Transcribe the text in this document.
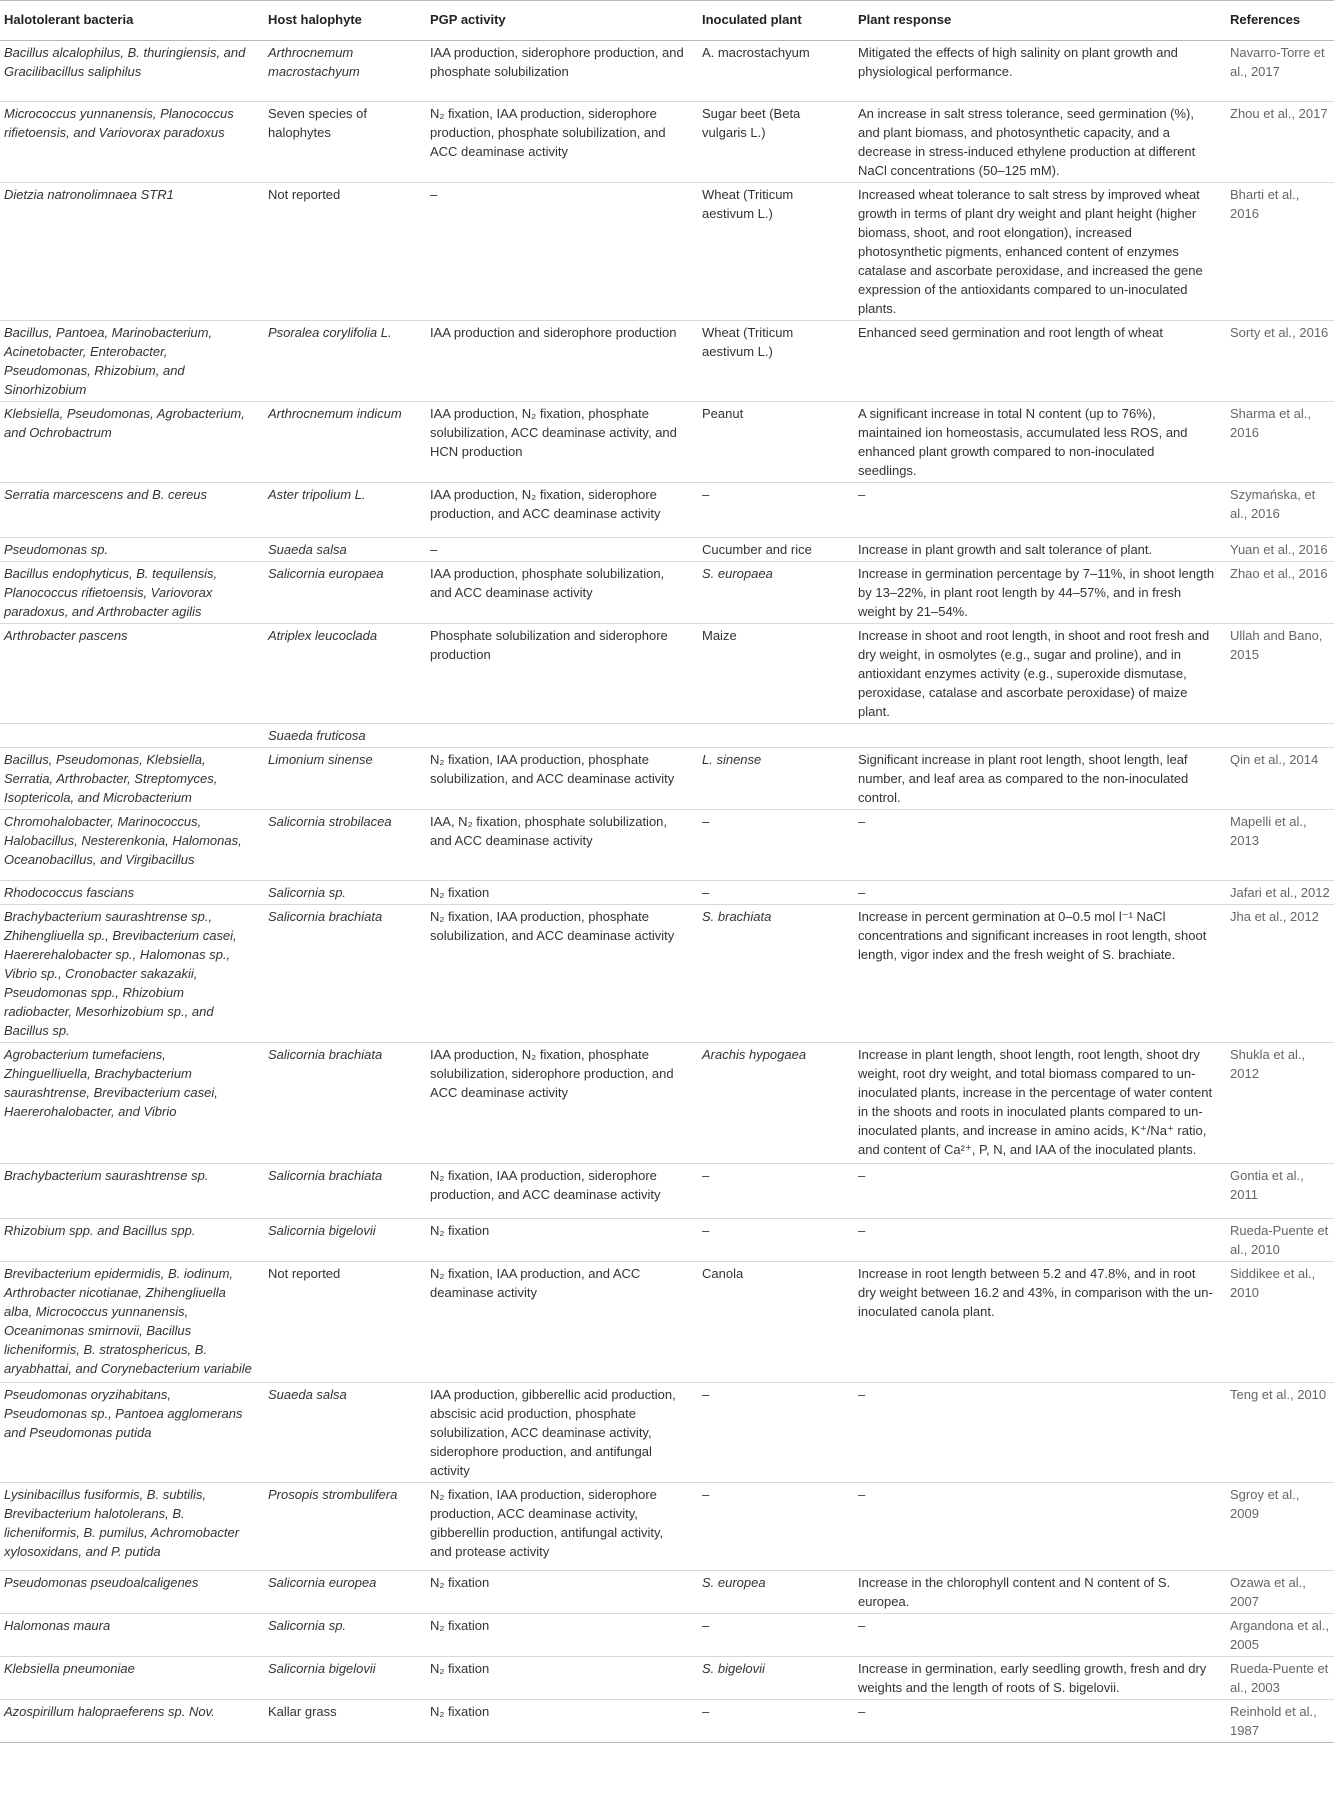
Halotolerant bacteria	Host halophyte	PGP activity	Inoculated plant	Plant response	References
Bacillus alcalophilus, B. thuringiensis, and Gracilibacillus saliphilus	Arthrocnemum macrostachyum	IAA production, siderophore production, and phosphate solubilization	A. macrostachyum	Mitigated the effects of high salinity on plant growth and physiological performance.	Navarro-Torre et al., 2017
Micrococcus yunnanensis, Planococcus rifietoensis, and Variovorax paradoxus	Seven species of halophytes	N₂ fixation, IAA production, siderophore production, phosphate solubilization, and ACC deaminase activity	Sugar beet (Beta vulgaris L.)	An increase in salt stress tolerance, seed germination (%), and plant biomass, and photosynthetic capacity, and a decrease in stress-induced ethylene production at different NaCl concentrations (50–125 mM).	Zhou et al., 2017
Dietzia natronolimnaea STR1	Not reported	–	Wheat (Triticum aestivum L.)	Increased wheat tolerance to salt stress by improved wheat growth in terms of plant dry weight and plant height (higher biomass, shoot, and root elongation), increased photosynthetic pigments, enhanced content of enzymes catalase and ascorbate peroxidase, and increased the gene expression of the antioxidants compared to un-inoculated plants.	Bharti et al., 2016
Bacillus, Pantoea, Marinobacterium, Acinetobacter, Enterobacter, Pseudomonas, Rhizobium, and Sinorhizobium	Psoralea corylifolia L.	IAA production and siderophore production	Wheat (Triticum aestivum L.)	Enhanced seed germination and root length of wheat	Sorty et al., 2016
Klebsiella, Pseudomonas, Agrobacterium, and Ochrobactrum	Arthrocnemum indicum	IAA production, N₂ fixation, phosphate solubilization, ACC deaminase activity, and HCN production	Peanut	A significant increase in total N content (up to 76%), maintained ion homeostasis, accumulated less ROS, and enhanced plant growth compared to non-inoculated seedlings.	Sharma et al., 2016
Serratia marcescens and B. cereus	Aster tripolium L.	IAA production, N₂ fixation, siderophore production, and ACC deaminase activity	–	–	Szymańska, et al., 2016
Pseudomonas sp.	Suaeda salsa	–	Cucumber and rice	Increase in plant growth and salt tolerance of plant.	Yuan et al., 2016
Bacillus endophyticus, B. tequilensis, Planococcus rifietoensis, Variovorax paradoxus, and Arthrobacter agilis	Salicornia europaea	IAA production, phosphate solubilization, and ACC deaminase activity	S. europaea	Increase in germination percentage by 7–11%, in shoot length by 13–22%, in plant root length by 44–57%, and in fresh weight by 21–54%.	Zhao et al., 2016
Arthrobacter pascens	Atriplex leucoclada	Phosphate solubilization and siderophore production	Maize	Increase in shoot and root length, in shoot and root fresh and dry weight, in osmolytes (e.g., sugar and proline), and in antioxidant enzymes activity (e.g., superoxide dismutase, peroxidase, catalase and ascorbate peroxidase) of maize plant.	Ullah and Bano, 2015
	Suaeda fruticosa				
Bacillus, Pseudomonas, Klebsiella, Serratia, Arthrobacter, Streptomyces, Isoptericola, and Microbacterium	Limonium sinense	N₂ fixation, IAA production, phosphate solubilization, and ACC deaminase activity	L. sinense	Significant increase in plant root length, shoot length, leaf number, and leaf area as compared to the non-inoculated control.	Qin et al., 2014
Chromohalobacter, Marinococcus, Halobacillus, Nesterenkonia, Halomonas, Oceanobacillus, and Virgibacillus	Salicornia strobilacea	IAA, N₂ fixation, phosphate solubilization, and ACC deaminase activity	–	–	Mapelli et al., 2013
Rhodococcus fascians	Salicornia sp.	N₂ fixation	–	–	Jafari et al., 2012
Brachybacterium saurashtrense sp., Zhihengliuella sp., Brevibacterium casei, Haererehalobacter sp., Halomonas sp., Vibrio sp., Cronobacter sakazakii, Pseudomonas spp., Rhizobium radiobacter, Mesorhizobium sp., and Bacillus sp.	Salicornia brachiata	N₂ fixation, IAA production, phosphate solubilization, and ACC deaminase activity	S. brachiata	Increase in percent germination at 0–0.5 mol l⁻¹ NaCl concentrations and significant increases in root length, shoot length, vigor index and the fresh weight of S. brachiate.	Jha et al., 2012
Agrobacterium tumefaciens, Zhinguelliuella, Brachybacterium saurashtrense, Brevibacterium casei, Haererohalobacter, and Vibrio	Salicornia brachiata	IAA production, N₂ fixation, phosphate solubilization, siderophore production, and ACC deaminase activity	Arachis hypogaea	Increase in plant length, shoot length, root length, shoot dry weight, root dry weight, and total biomass compared to un-inoculated plants, increase in the percentage of water content in the shoots and roots in inoculated plants compared to un-inoculated plants, and increase in amino acids, K⁺/Na⁺ ratio, and content of Ca²⁺, P, N, and IAA of the inoculated plants.	Shukla et al., 2012
Brachybacterium saurashtrense sp.	Salicornia brachiata	N₂ fixation, IAA production, siderophore production, and ACC deaminase activity	–	–	Gontia et al., 2011
Rhizobium spp. and Bacillus spp.	Salicornia bigelovii	N₂ fixation	–	–	Rueda-Puente et al., 2010
Brevibacterium epidermidis, B. iodinum, Arthrobacter nicotianae, Zhihengliuella alba, Micrococcus yunnanensis, Oceanimonas smirnovii, Bacillus licheniformis, B. stratosphericus, B. aryabhattai, and Corynebacterium variabile	Not reported	N₂ fixation, IAA production, and ACC deaminase activity	Canola	Increase in root length between 5.2 and 47.8%, and in root dry weight between 16.2 and 43%, in comparison with the un-inoculated canola plant.	Siddikee et al., 2010
Pseudomonas oryzihabitans, Pseudomonas sp., Pantoea agglomerans and Pseudomonas putida	Suaeda salsa	IAA production, gibberellic acid production, abscisic acid production, phosphate solubilization, ACC deaminase activity, siderophore production, and antifungal activity	–	–	Teng et al., 2010
Lysinibacillus fusiformis, B. subtilis, Brevibacterium halotolerans, B. licheniformis, B. pumilus, Achromobacter xylosoxidans, and P. putida	Prosopis strombulifera	N₂ fixation, IAA production, siderophore production, ACC deaminase activity, gibberellin production, antifungal activity, and protease activity	–	–	Sgroy et al., 2009
Pseudomonas pseudoalcaligenes	Salicornia europea	N₂ fixation	S. europea	Increase in the chlorophyll content and N content of S. europea.	Ozawa et al., 2007
Halomonas maura	Salicornia sp.	N₂ fixation	–	–	Argandona et al., 2005
Klebsiella pneumoniae	Salicornia bigelovii	N₂ fixation	S. bigelovii	Increase in germination, early seedling growth, fresh and dry weights and the length of roots of S. bigelovii.	Rueda-Puente et al., 2003
Azospirillum halopraeferens sp. Nov.	Kallar grass	N₂ fixation	–	–	Reinhold et al., 1987
